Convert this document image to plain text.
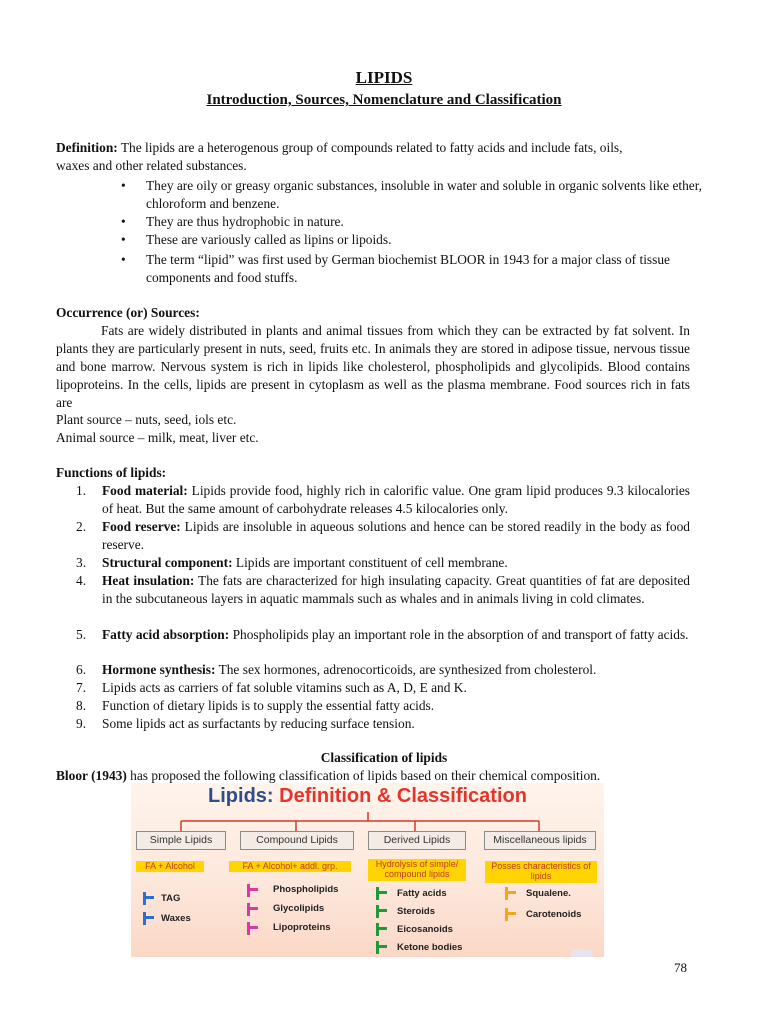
LIPIDS
Introduction, Sources, Nomenclature and Classification
Definition: The lipids are a heterogenous group of compounds related to fatty acids and include fats, oils,
waxes and other related substances.
• They are oily or greasy organic substances, insoluble in water and soluble in organic solvents like ether, chloroform and benzene.
• They are thus hydrophobic in nature.
• These are variously called as lipins or lipoids.
• The term “lipid” was first used by German biochemist BLOOR in 1943 for a major class of tissue components and food stuffs.
Occurrence (or) Sources:
Fats are widely distributed in plants and animal tissues from which they can be extracted by fat solvent. In plants they are particularly present in nuts, seed, fruits etc. In animals they are stored in adipose tissue, nervous tissue and bone marrow. Nervous system is rich in lipids like cholesterol, phospholipids and glycolipids. Blood contains lipoproteins. In the cells, lipids are present in cytoplasm as well as the plasma membrane. Food sources rich in fats are
Plant source – nuts, seed, iols etc.
Animal source – milk, meat, liver etc.
Functions of lipids:
1. Food material: Lipids provide food, highly rich in calorific value. One gram lipid produces 9.3 kilocalories of heat. But the same amount of carbohydrate releases 4.5 kilocalories only.
2. Food reserve: Lipids are insoluble in aqueous solutions and hence can be stored readily in the body as food reserve.
3. Structural component: Lipids are important constituent of cell membrane.
4. Heat insulation: The fats are characterized for high insulating capacity. Great quantities of fat are deposited in the subcutaneous layers in aquatic mammals such as whales and in animals living in cold climates.
5. Fatty acid absorption: Phospholipids play an important role in the absorption of and transport of fatty acids.
6. Hormone synthesis: The sex hormones, adrenocorticoids, are synthesized from cholesterol.
7. Lipids acts as carriers of fat soluble vitamins such as A, D, E and K.
8. Function of dietary lipids is to supply the essential fatty acids.
9. Some lipids act as surfactants by reducing surface tension.
Classification of lipids
Bloor (1943) has proposed the following classification of lipids based on their chemical composition.
Lipids: Definition & Classification
Simple Lipids	Compound Lipids	Derived Lipids	Miscellaneous lipids
FA + Alcohol	FA + Alcohol+ addl. grp.	Hydrolysis of simple/ compound lipids
Posses characteristics of lipids
TAG
Waxes
Phospholipids
Glycolipids
Lipoproteins
Fatty acids
Steroids
Eicosanoids
Ketone bodies
Squalene.
Carotenoids
78
